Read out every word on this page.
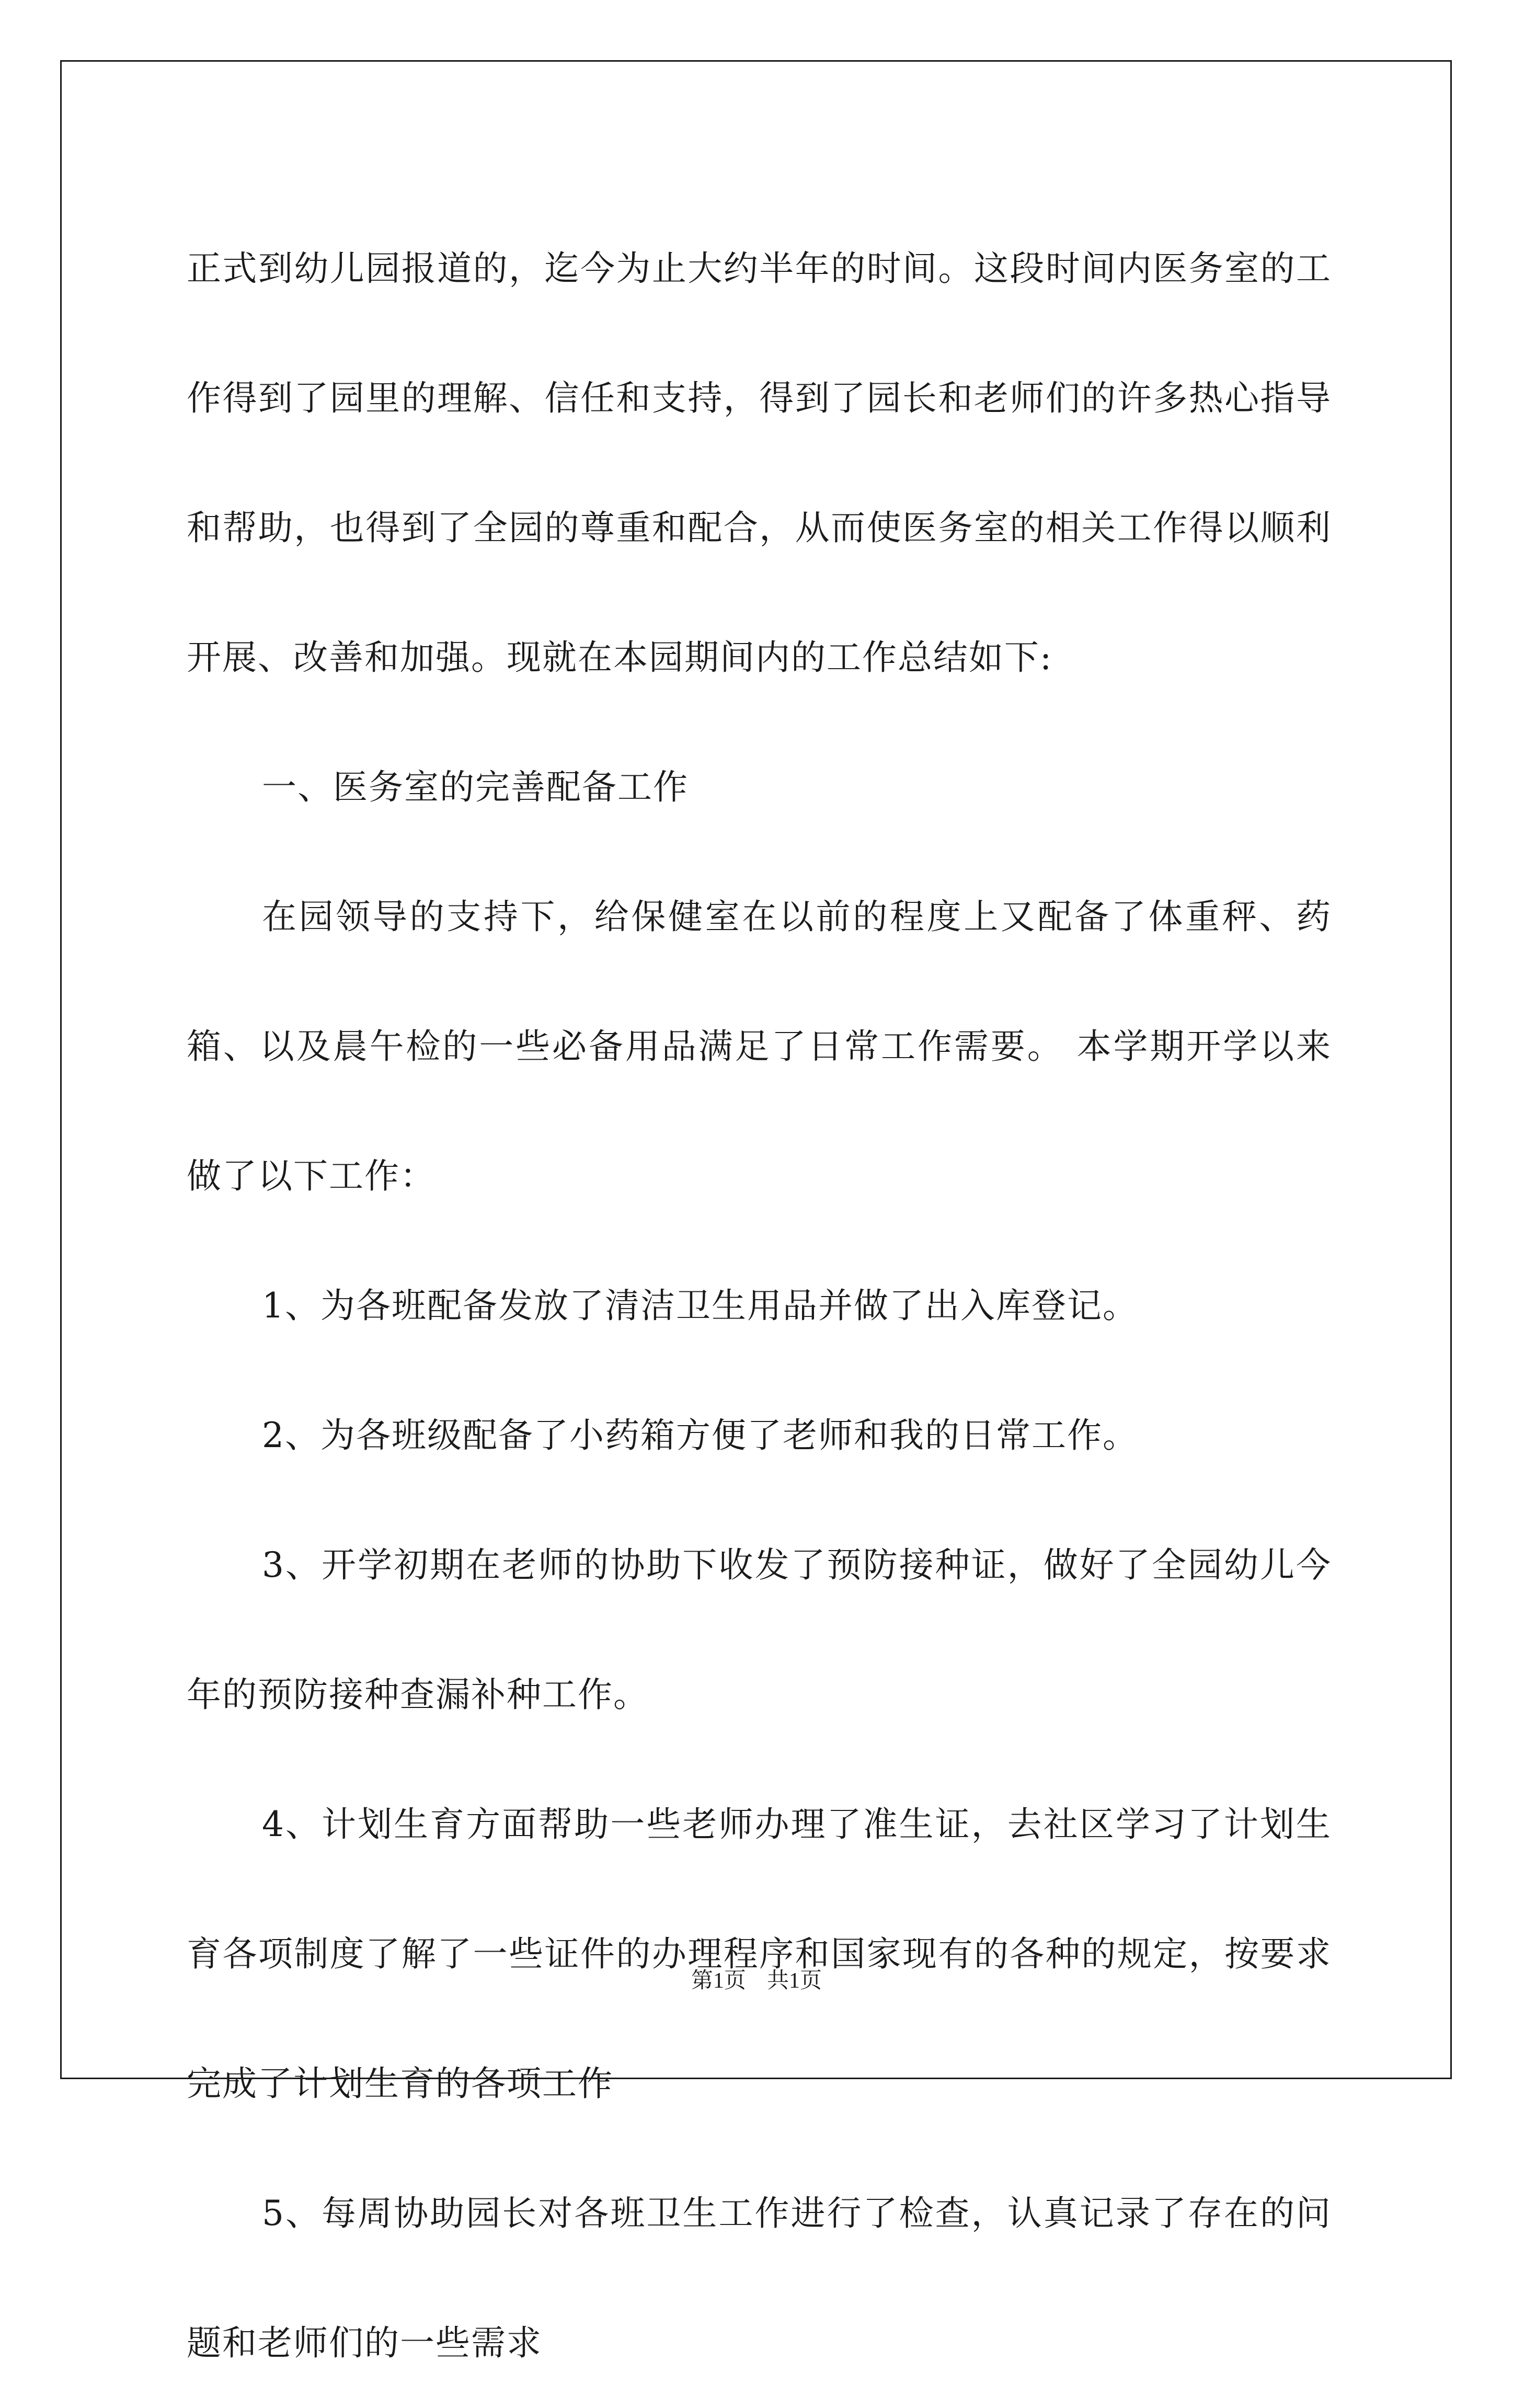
正式到幼儿园报道的，迄今为止大约半年的时间。这段时间内医务室的工作得到了园里的理解、信任和支持，得到了园长和老师们的许多热心指导和帮助，也得到了全园的尊重和配合，从而使医务室的相关工作得以顺利开展、改善和加强。现就在本园期间内的工作总结如下:

一、医务室的完善配备工作

在园领导的支持下，给保健室在以前的程度上又配备了体重秤、药箱、以及晨午检的一些必备用品满足了日常工作需要。 本学期开学以来做了以下工作：

1、为各班配备发放了清洁卫生用品并做了出入库登记。

2、为各班级配备了小药箱方便了老师和我的日常工作。

3、开学初期在老师的协助下收发了预防接种证，做好了全园幼儿今年的预防接种查漏补种工作。

4、计划生育方面帮助一些老师办理了准生证，去社区学习了计划生育各项制度了解了一些证件的办理程序和国家现有的各种的规定，按要求完成了计划生育的各项工作

5、每周协助园长对各班卫生工作进行了检查，认真记录了存在的问题和老师们的一些需求

第1页 共1页
